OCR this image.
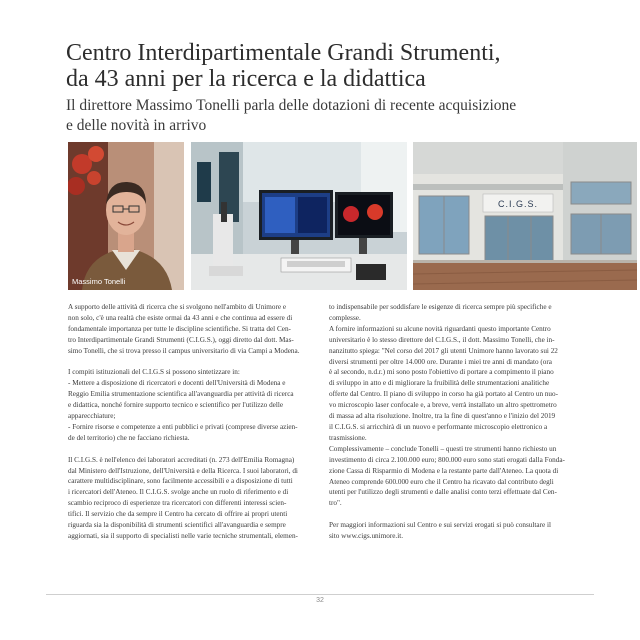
Centro Interdipartimentale Grandi Strumenti,
da 43 anni per la ricerca e la didattica
Il direttore Massimo Tonelli parla delle dotazioni di recente acquisizione
e delle novità in arrivo
Massimo Tonelli
C.I.G.S.
A supporto delle attività di ricerca che si svolgono nell'ambito di Unimore e
non solo, c'è una realtà che esiste ormai da 43 anni e che continua ad essere di
fondamentale importanza per tutte le discipline scientifiche. Si tratta del Cen-
tro Interdipartimentale Grandi Strumenti (C.I.G.S.), oggi diretto dal dott. Mas-
simo Tonelli, che si trova presso il campus universitario di via Campi a Modena.
I compiti istituzionali del C.I.G.S si possono sintetizzare in:
- Mettere a disposizione di ricercatori e docenti dell'Università di Modena e
Reggio Emilia strumentazione scientifica all'avanguardia per attività di ricerca
e didattica, nonché fornire supporto tecnico e scientifico per l'utilizzo delle
apparecchiature;
- Fornire risorse e competenze a enti pubblici e privati (comprese diverse azien-
de del territorio) che ne facciano richiesta.
Il C.I.G.S. è nell'elenco dei laboratori accreditati (n. 273 dell'Emilia Romagna)
dal Ministero dell'Istruzione, dell'Università e della Ricerca. I suoi laboratori, di
carattere multidisciplinare, sono facilmente accessibili e a disposizione di tutti
i ricercatori dell'Ateneo. Il C.I.G.S. svolge anche un ruolo di riferimento e di
scambio reciproco di esperienze tra ricercatori con differenti interessi scien-
tifici. Il servizio che da sempre il Centro ha cercato di offrire ai propri utenti
riguarda sia la disponibilità di strumenti scientifici all'avanguardia e sempre
aggiornati, sia il supporto di specialisti nelle varie tecniche strumentali, elemen-
to indispensabile per soddisfare le esigenze di ricerca sempre più specifiche e
complesse.
A fornire informazioni su alcune novità riguardanti questo importante Centro
universitario è lo stesso direttore del C.I.G.S., il dott. Massimo Tonelli, che in-
nanzitutto spiega: "Nel corso del 2017 gli utenti Unimore hanno lavorato sui 22
diversi strumenti per oltre 14.000 ore. Durante i miei tre anni di mandato (ora
è al secondo, n.d.r.) mi sono posto l'obiettivo di portare a compimento il piano
di sviluppo in atto e di migliorare la fruibilità delle strumentazioni analitiche
offerte dal Centro. Il piano di sviluppo in corso ha già portato al Centro un nuo-
vo microscopio laser confocale e, a breve, verrà installato un altro spettrometro
di massa ad alta risoluzione. Inoltre, tra la fine di quest'anno e l'inizio del 2019
il C.I.G.S. si arricchirà di un nuovo e performante microscopio elettronico a
trasmissione.
Complessivamente – conclude Tonelli – questi tre strumenti hanno richiesto un
investimento di circa 2.100.000 euro; 800.000 euro sono stati erogati dalla Fonda-
zione Cassa di Risparmio di Modena e la restante parte dall'Ateneo. La quota di
Ateneo comprende 600.000 euro che il Centro ha ricavato dal contributo degli
utenti per l'utilizzo degli strumenti e dalle analisi conto terzi effettuate dal Cen-
tro".
Per maggiori informazioni sul Centro e sui servizi erogati si può consultare il
sito www.cigs.unimore.it.
32
